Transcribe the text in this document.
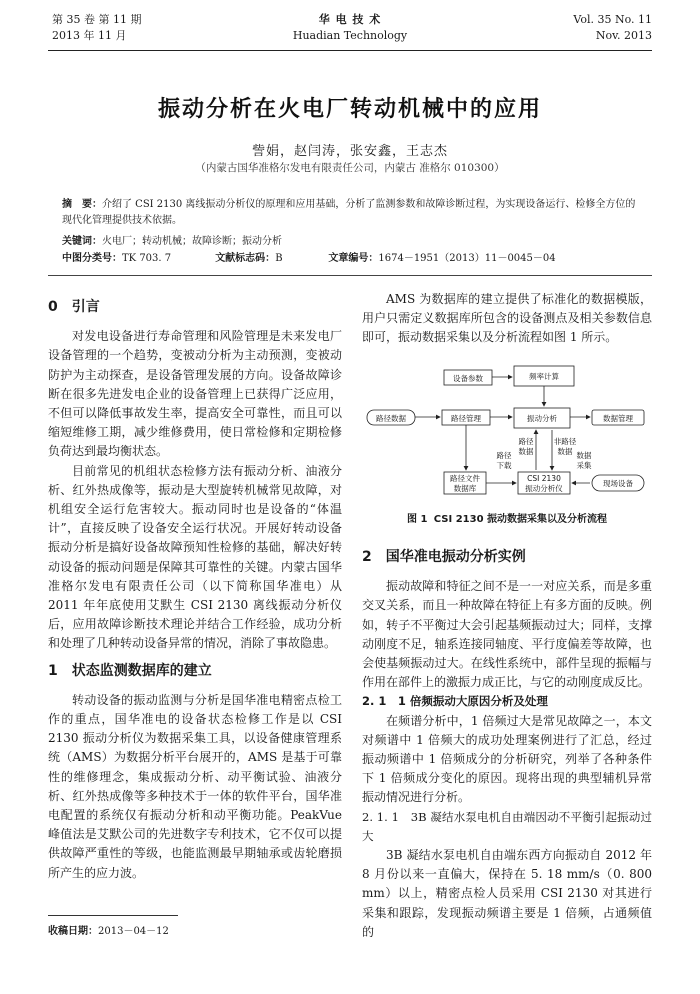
第 35 卷 第 11 期
2013 年 11 月
华 电 技 术
Huadian Technology
Vol. 35 No. 11
Nov. 2013
振动分析在火电厂转动机械中的应用
訾娟，赵闫涛，张安鑫，王志杰
（内蒙古国华准格尔发电有限责任公司，内蒙古 准格尔 010300）
摘　要：介绍了 CSI 2130 离线振动分析仪的原理和应用基础，分析了监测参数和故障诊断过程，为实现设备运行、检修全方位的现代化管理提供技术依据。
关键词：火电厂；转动机械；故障诊断；振动分析
中图分类号：TK 703. 7	文献标志码：B	文章编号：1674－1951（2013）11－0045－04
0　引言

对发电设备进行寿命管理和风险管理是未来发电厂设备管理的一个趋势，变被动分析为主动预测，变被动防护为主动探查，是设备管理发展的方向。设备故障诊断在很多先进发电企业的设备管理上已获得广泛应用，不但可以降低事故发生率，提高安全可靠性，而且可以缩短维修工期，减少维修费用，使日常检修和定期检修负荷达到最均衡状态。

目前常见的机组状态检修方法有振动分析、油液分析、红外热成像等，振动是大型旋转机械常见故障，对机组安全运行危害较大。振动同时也是设备的“体温计”，直接反映了设备安全运行状况。开展好转动设备振动分析是搞好设备故障预知性检修的基础，解决好转动设备的振动问题是保障其可靠性的关键。内蒙古国华准格尔发电有限责任公司（以下简称国华准电）从 2011 年年底使用艾默生 CSI 2130 离线振动分析仪后，应用故障诊断技术理论并结合工作经验，成功分析和处理了几种转动设备异常的情况，消除了事故隐患。

1　状态监测数据库的建立

转动设备的振动监测与分析是国华准电精密点检工作的重点，国华准电的设备状态检修工作是以 CSI 2130 振动分析仪为数据采集工具，以设备健康管理系统（AMS）为数据分析平台展开的，AMS 是基于可靠性的维修理念，集成振动分析、动平衡试验、油液分析、红外热成像等多种技术于一体的软件平台，国华准电配置的系统仅有振动分析和动平衡功能。PeakVue 峰值法是艾默公司的先进数字专利技术，它不仅可以提供故障严重性的等级，也能监测最早期轴承或齿轮磨损所产生的应力波。

收稿日期：2013－04－12

AMS 为数据库的建立提供了标准化的数据模版，用户只需定义数据库所包含的设备测点及相关参数信息即可，振动数据采集以及分析流程如图 1 所示。

设备参数	频率计算
路径数据	路径管理	振动分析	数据管理
路径文件
数据库
CSI 2130
振动分析仪
现场设备
路径
数据
非路径
数据
路径
下载
数据
采集
图 1 CSI 2130 振动数据采集以及分析流程
2　国华准电振动分析实例

振动故障和特征之间不是一一对应关系，而是多重交叉关系，而且一种故障在特征上有多方面的反映。例如，转子不平衡过大会引起基频振动过大；同样，支撑动刚度不足，轴系连接同轴度、平行度偏差等故障，也会使基频振动过大。在线性系统中，部件呈现的振幅与作用在部件上的激振力成正比，与它的动刚度成反比。

2. 1　1 倍频振动大原因分析及处理

在频谱分析中，1 倍频过大是常见故障之一，本文对频谱中 1 倍频大的成功处理案例进行了汇总，经过振动频谱中 1 倍频成分的分析研究，列举了各种条件下 1 倍频成分变化的原因。现将出现的典型辅机异常振动情况进行分析。

2. 1. 1　3B 凝结水泵电机自由端因动不平衡引起振动过大

3B 凝结水泵电机自由端东西方向振动自 2012 年 8 月份以来一直偏大，保持在 5. 18 mm/s（0. 800 mm）以上，精密点检人员采用 CSI 2130 对其进行采集和跟踪，发现振动频谱主要是 1 倍频，占通频值的
